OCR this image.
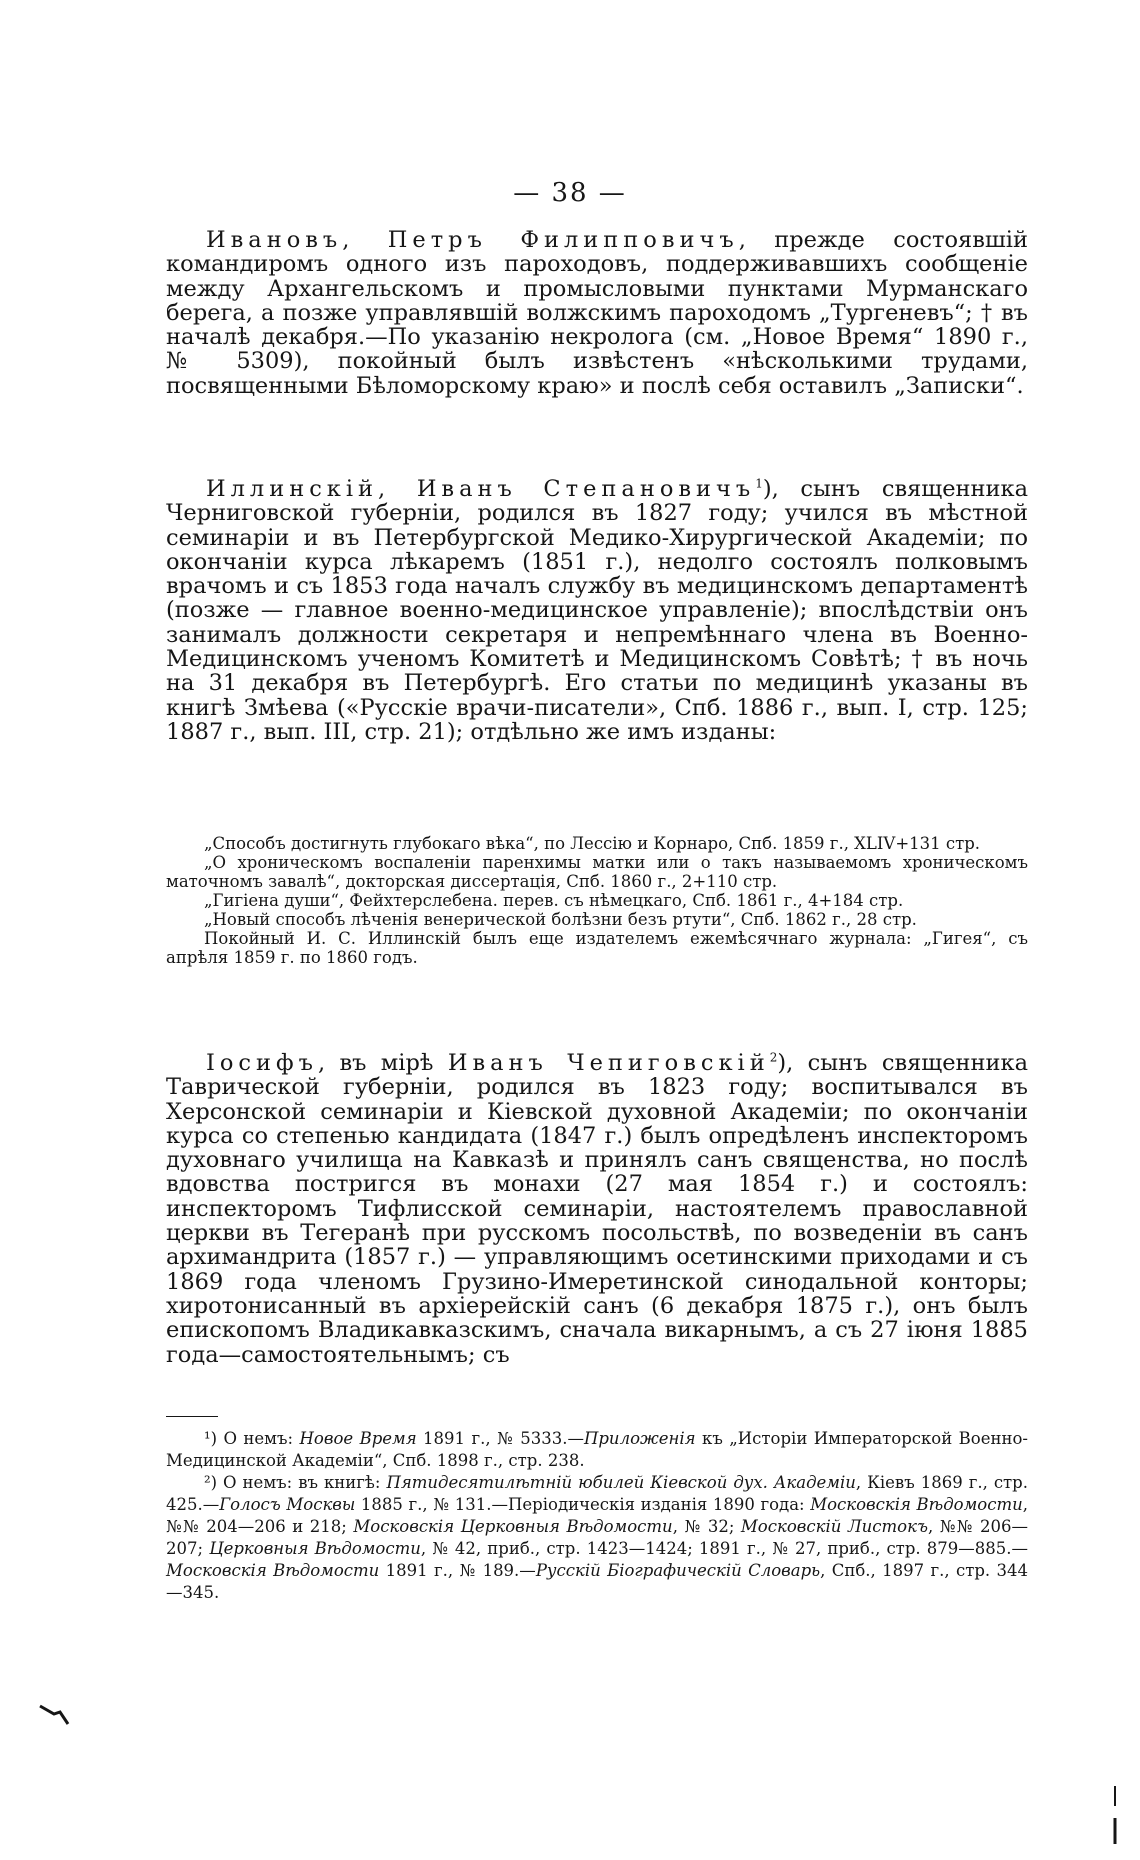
— 38 —
Ивановъ, Петръ Филипповичъ, прежде состоявшій командиромъ одного изъ пароходовъ, поддерживавшихъ сообщеніе между Архангельскомъ и промысловыми пунктами Мурманскаго берега, а позже управлявшій волжскимъ пароходомъ „Тургеневъ“; † въ началѣ декабря.—По указанію некролога (см. „Новое Время“ 1890 г., № 5309), покойный былъ извѣстенъ «нѣсколькими трудами, посвященными Бѣломорскому краю» и послѣ себя оставилъ „Записки“.
Иллинскій, Иванъ Степановичъ$^1$), сынъ священника Черниговской губерніи, родился въ 1827 году; учился въ мѣстной семинаріи и въ Петербургской Медико-Хирургической Академіи; по окончаніи курса лѣкаремъ (1851 г.), недолго состоялъ полковымъ врачомъ и съ 1853 года началъ службу въ медицинскомъ департаментѣ (позже — главное военно-медицинское управленіе); впослѣдствіи онъ занималъ должности секретаря и непремѣннаго члена въ Военно-Медицинскомъ ученомъ Комитетѣ и Медицинскомъ Совѣтѣ; † въ ночь на 31 декабря въ Петербургѣ. Его статьи по медицинѣ указаны въ книгѣ Змѣева («Русскіе врачи-писатели», Спб. 1886 г., вып. I, стр. 125; 1887 г., вып. III, стр. 21); отдѣльно же имъ изданы:
„Способъ достигнуть глубокаго вѣка“, по Лессію и Корнаро, Спб. 1859 г., XLIV+131 стр.
„О хроническомъ воспаленіи паренхимы матки или о такъ называемомъ хроническомъ маточномъ завалѣ“, докторская диссертація, Спб. 1860 г., 2+110 стр.
„Гигіена души“, Фейхтерслебена. перев. съ нѣмецкаго, Спб. 1861 г., 4+184 стр.
„Новый способъ лѣченія венерической болѣзни безъ ртути“, Спб. 1862 г., 28 стр.
Покойный И. С. Иллинскій былъ еще издателемъ ежемѣсячнаго журнала: „Гигея“, съ апрѣля 1859 г. по 1860 годъ.
Іосифъ, въ мірѣ Иванъ Чепиговскій$^2$), сынъ священника Таврической губерніи, родился въ 1823 году; воспитывался въ Херсонской семинаріи и Кіевской духовной Академіи; по окончаніи курса со степенью кандидата (1847 г.) былъ опредѣленъ инспекторомъ духовнаго училища на Кавказѣ и принялъ санъ священства, но послѣ вдовства постригся въ монахи (27 мая 1854 г.) и состоялъ: инспекторомъ Тифлисской семинаріи, настоятелемъ православной церкви въ Тегеранѣ при русскомъ посольствѣ, по возведеніи въ санъ архимандрита (1857 г.) — управляющимъ осетинскими приходами и съ 1869 года членомъ Грузино-Имеретинской синодальной конторы; хиротонисанный въ архіерейскій санъ (6 декабря 1875 г.), онъ былъ епископомъ Владикавказскимъ, сначала викарнымъ, а съ 27 іюня 1885 года—самостоятельнымъ; съ
¹) О немъ: Новое Время 1891 г., № 5333.—Приложенія къ „Исторіи Императорской Военно-Медицинской Академіи“, Спб. 1898 г., стр. 238.
²) О немъ: въ книгѣ: Пятидесятилѣтній юбилей Кіевской дух. Академіи, Кіевъ 1869 г., стр. 425.—Голосъ Москвы 1885 г., № 131.—Періодическія изданія 1890 года: Московскія Вѣдомости, №№ 204—206 и 218; Московскія Церковныя Вѣдомости, № 32; Московскій Листокъ, №№ 206—207; Церковныя Вѣдомости, № 42, приб., стр. 1423—1424; 1891 г., № 27, приб., стр. 879—885.—Московскія Вѣдомости 1891 г., № 189.—Русскій Біографическій Словарь, Спб., 1897 г., стр. 344—345.
